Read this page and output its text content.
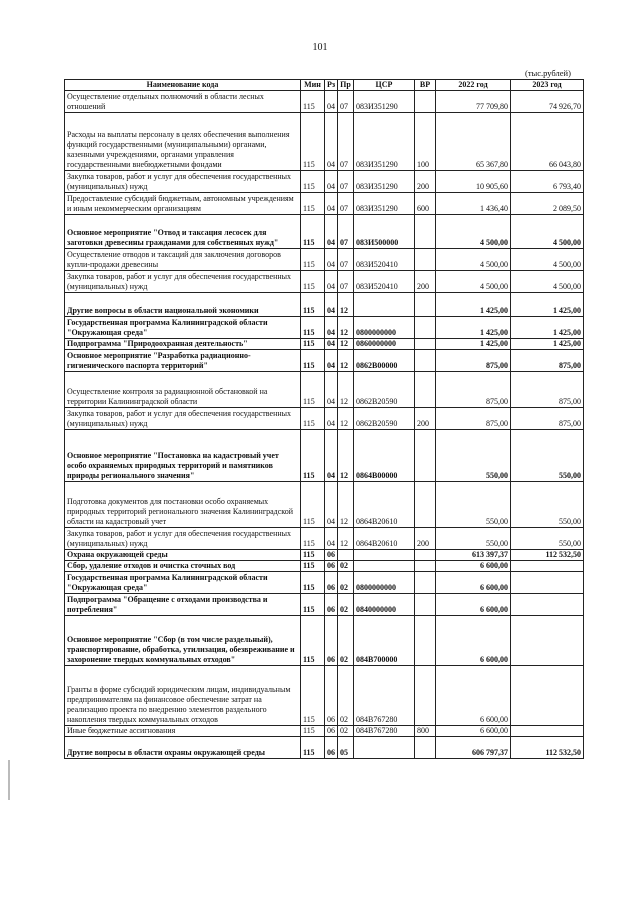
101
(тыс.рублей)
Наименование кода	Мин	Рз	Пр	ЦСР	ВР	2022 год	2023 год
Осуществление отдельных полномочий в области лесных отношений	115	04	07	083И351290		77 709,80	74 926,70
Расходы на выплаты персоналу в целях обеспечения выполнения функций государственными (муниципальными) органами, казенными учреждениями, органами управления государственными внебюджетными фондами	115	04	07	083И351290	100	65 367,80	66 043,80
Закупка товаров, работ и услуг для обеспечения государственных (муниципальных) нужд	115	04	07	083И351290	200	10 905,60	6 793,40
Предоставление субсидий бюджетным, автономным учреждениям и иным некоммерческим организациям	115	04	07	083И351290	600	1 436,40	2 089,50
Основное мероприятие "Отвод и таксация лесосек для заготовки древесины гражданами для собственных нужд"	115	04	07	083И500000		4 500,00	4 500,00
Осуществление отводов и таксаций для заключения договоров купли-продажи древесины	115	04	07	083И520410		4 500,00	4 500,00
Закупка товаров, работ и услуг для обеспечения государственных (муниципальных) нужд	115	04	07	083И520410	200	4 500,00	4 500,00
Другие вопросы в области национальной экономики	115	04	12			1 425,00	1 425,00
Государственная программа Калининградской области "Окружающая среда"	115	04	12	0800000000		1 425,00	1 425,00
Подпрограмма "Природоохранная деятельность"	115	04	12	0860000000		1 425,00	1 425,00
Основное мероприятие "Разработка радиационно-гигиенического паспорта территорий"	115	04	12	0862В00000		875,00	875,00
Осуществление контроля за радиационной обстановкой на территории Калининградской области	115	04	12	0862В20590		875,00	875,00
Закупка товаров, работ и услуг для обеспечения государственных (муниципальных) нужд	115	04	12	0862В20590	200	875,00	875,00
Основное мероприятие "Постановка на кадастровый учет особо охраняемых природных территорий и памятников природы регионального значения"	115	04	12	0864В00000		550,00	550,00
Подготовка документов для постановки особо охраняемых природных территорий регионального значения Калининградской области на кадастровый учет	115	04	12	0864В20610		550,00	550,00
Закупка товаров, работ и услуг для обеспечения государственных (муниципальных) нужд	115	04	12	0864В20610	200	550,00	550,00
Охрана окружающей среды	115	06				613 397,37	112 532,50
Сбор, удаление отходов и очистка сточных вод	115	06	02			6 600,00	
Государственная программа Калининградской области "Окружающая среда"	115	06	02	0800000000		6 600,00	
Подпрограмма "Обращение с отходами производства и потребления"	115	06	02	0840000000		6 600,00	
Основное мероприятие "Сбор (в том числе раздельный), транспортирование, обработка, утилизация, обезвреживание и захоронение твердых коммунальных отходов"	115	06	02	084В700000		6 600,00	
Гранты в форме субсидий юридическим лицам, индивидуальным предпринимателям на финансовое обеспечение затрат на реализацию проекта по внедрению элементов раздельного накопления твердых коммунальных отходов	115	06	02	084В767280		6 600,00	
Иные бюджетные ассигнования	115	06	02	084В767280	800	6 600,00	
Другие вопросы в области охраны окружающей среды	115	06	05			606 797,37	112 532,50
